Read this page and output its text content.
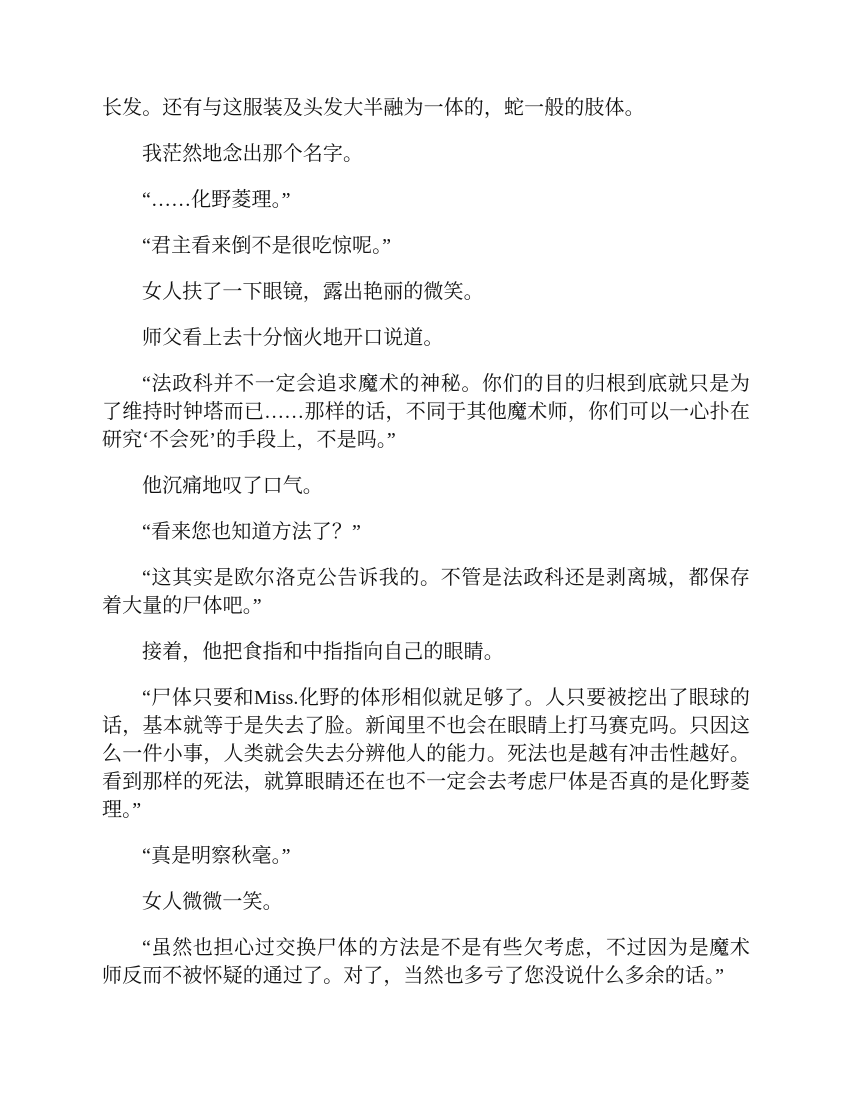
长发。还有与这服装及头发大半融为一体的，蛇一般的肢体。

我茫然地念出那个名字。

“……化野菱理。”

“君主看来倒不是很吃惊呢。”

女人扶了一下眼镜，露出艳丽的微笑。

师父看上去十分恼火地开口说道。

“法政科并不一定会追求魔术的神秘。你们的目的归根到底就只是为了维持时钟塔而已……那样的话，不同于其他魔术师，你们可以一心扑在研究‘不会死’的手段上，不是吗。”

他沉痛地叹了口气。

“看来您也知道方法了？”

“这其实是欧尔洛克公告诉我的。不管是法政科还是剥离城，都保存着大量的尸体吧。”

接着，他把食指和中指指向自己的眼睛。

“尸体只要和Miss.化野的体形相似就足够了。人只要被挖出了眼球的话，基本就等于是失去了脸。新闻里不也会在眼睛上打马赛克吗。只因这么一件小事，人类就会失去分辨他人的能力。死法也是越有冲击性越好。看到那样的死法，就算眼睛还在也不一定会去考虑尸体是否真的是化野菱理。”

“真是明察秋毫。”

女人微微一笑。

“虽然也担心过交换尸体的方法是不是有些欠考虑，不过因为是魔术师反而不被怀疑的通过了。对了，当然也多亏了您没说什么多余的话。”
